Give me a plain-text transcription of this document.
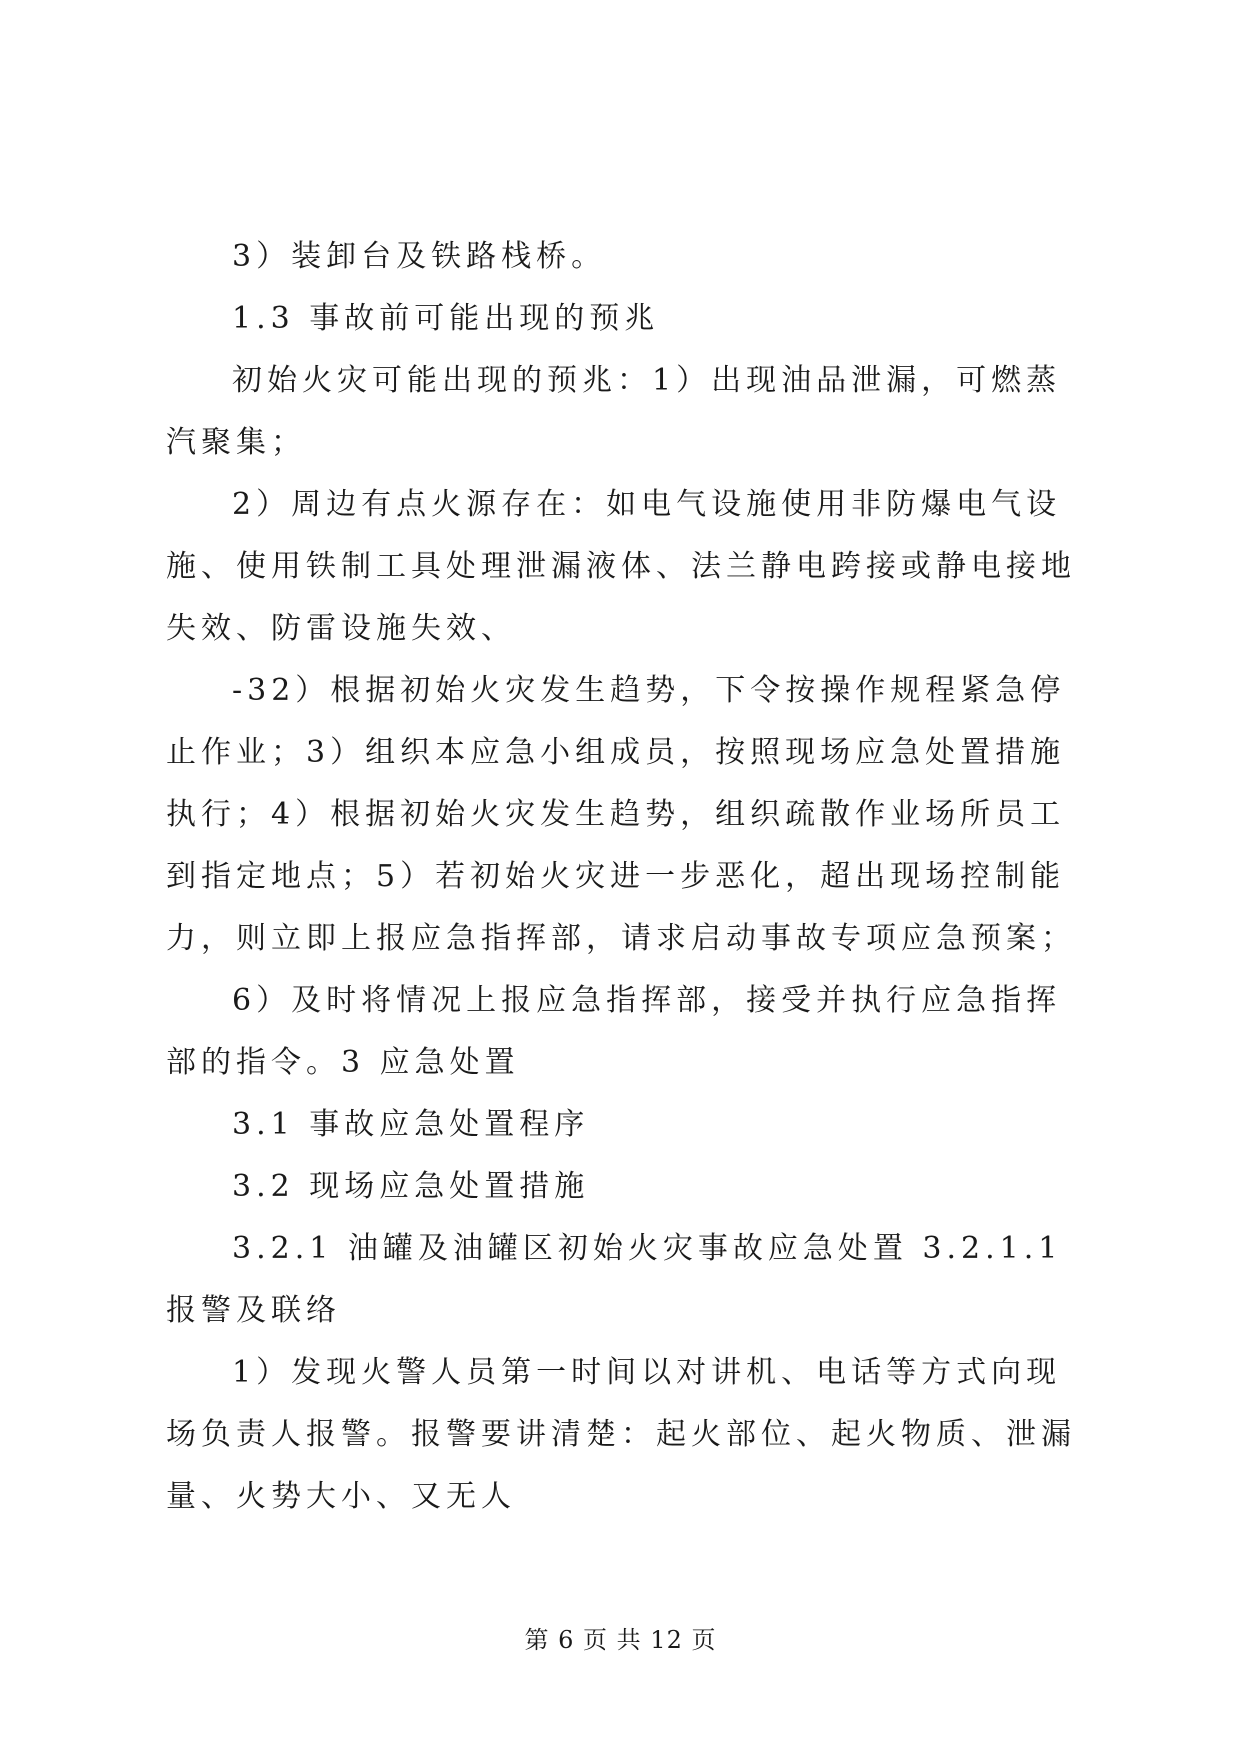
3）装卸台及铁路栈桥。

1.3 事故前可能出现的预兆

初始火灾可能出现的预兆：1）出现油品泄漏，可燃蒸汽聚集；

2）周边有点火源存在：如电气设施使用非防爆电气设施、使用铁制工具处理泄漏液体、法兰静电跨接或静电接地失效、防雷设施失效、

-32）根据初始火灾发生趋势，下令按操作规程紧急停止作业；3）组织本应急小组成员，按照现场应急处置措施执行；4）根据初始火灾发生趋势，组织疏散作业场所员工到指定地点；5）若初始火灾进一步恶化，超出现场控制能力，则立即上报应急指挥部，请求启动事故专项应急预案；

6）及时将情况上报应急指挥部，接受并执行应急指挥部的指令。3 应急处置

3.1 事故应急处置程序

3.2 现场应急处置措施

3.2.1 油罐及油罐区初始火灾事故应急处置 3.2.1.1 报警及联络

1）发现火警人员第一时间以对讲机、电话等方式向现场负责人报警。报警要讲清楚：起火部位、起火物质、泄漏量、火势大小、又无人

第 6 页 共 12 页
